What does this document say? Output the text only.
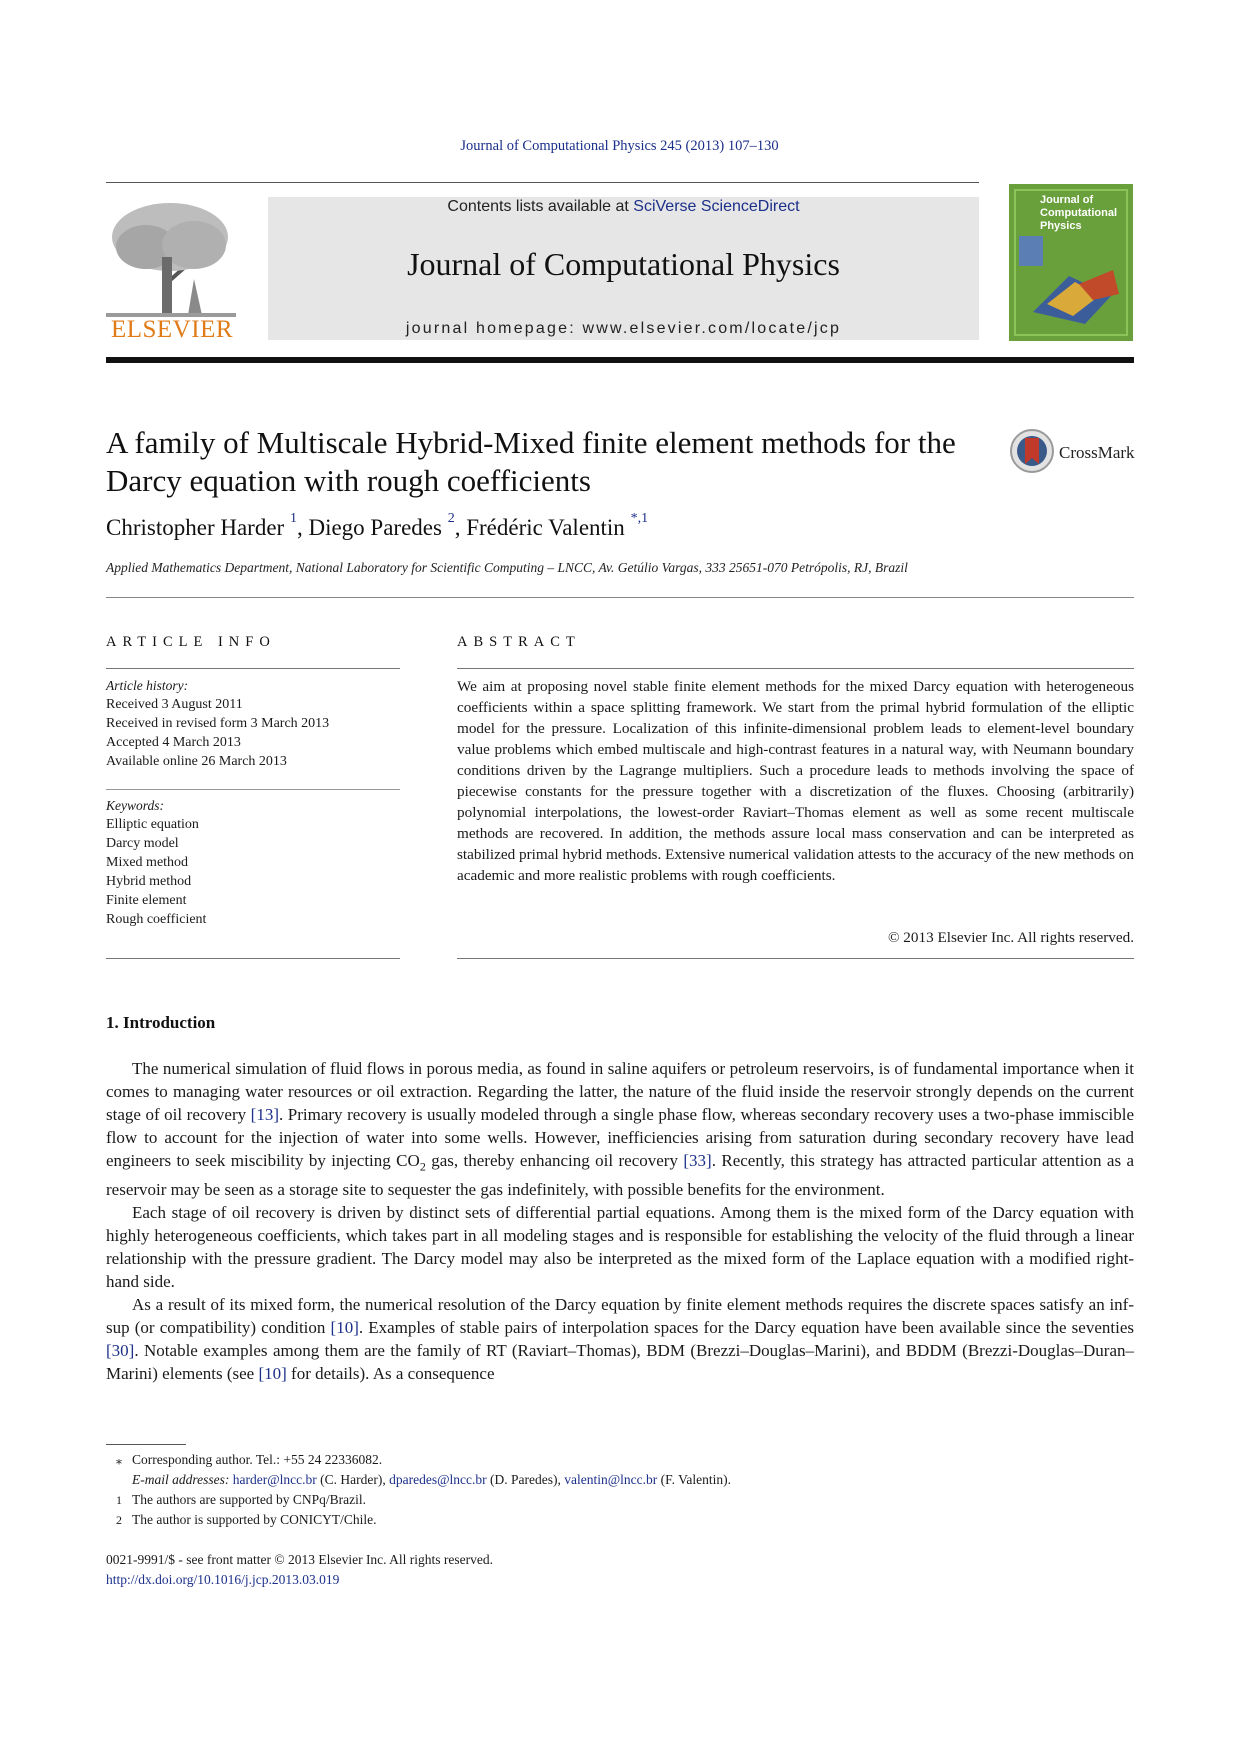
Journal of Computational Physics 245 (2013) 107–130
ELSEVIER
Contents lists available at SciVerse ScienceDirect
Journal of Computational Physics
journal homepage: www.elsevier.com/locate/jcp
Journal of Computational Physics
A family of Multiscale Hybrid-Mixed finite element methods for the Darcy equation with rough coefficients
CrossMark
Christopher Harder $^1$, Diego Paredes $^2$, Frédéric Valentin $^{*,1}$
Applied Mathematics Department, National Laboratory for Scientific Computing – LNCC, Av. Getúlio Vargas, 333 25651-070 Petrópolis, RJ, Brazil
ARTICLE INFO
Article history:
Received 3 August 2011
Received in revised form 3 March 2013
Accepted 4 March 2013
Available online 26 March 2013
Keywords:
Elliptic equation
Darcy model
Mixed method
Hybrid method
Finite element
Rough coefficient
ABSTRACT
We aim at proposing novel stable finite element methods for the mixed Darcy equation with heterogeneous coefficients within a space splitting framework. We start from the primal hybrid formulation of the elliptic model for the pressure. Localization of this infinite-dimensional problem leads to element-level boundary value problems which embed multiscale and high-contrast features in a natural way, with Neumann boundary conditions driven by the Lagrange multipliers. Such a procedure leads to methods involving the space of piecewise constants for the pressure together with a discretization of the fluxes. Choosing (arbitrarily) polynomial interpolations, the lowest-order Raviart–Thomas element as well as some recent multiscale methods are recovered. In addition, the methods assure local mass conservation and can be interpreted as stabilized primal hybrid methods. Extensive numerical validation attests to the accuracy of the new methods on academic and more realistic problems with rough coefficients.
© 2013 Elsevier Inc. All rights reserved.
1. Introduction

The numerical simulation of fluid flows in porous media, as found in saline aquifers or petroleum reservoirs, is of fundamental importance when it comes to managing water resources or oil extraction. Regarding the latter, the nature of the fluid inside the reservoir strongly depends on the current stage of oil recovery [13]. Primary recovery is usually modeled through a single phase flow, whereas secondary recovery uses a two-phase immiscible flow to account for the injection of water into some wells. However, inefficiencies arising from saturation during secondary recovery have lead engineers to seek miscibility by injecting $CO_2$ gas, thereby enhancing oil recovery [33]. Recently, this strategy has attracted particular attention as a reservoir may be seen as a storage site to sequester the gas indefinitely, with possible benefits for the environment.

Each stage of oil recovery is driven by distinct sets of differential partial equations. Among them is the mixed form of the Darcy equation with highly heterogeneous coefficients, which takes part in all modeling stages and is responsible for establishing the velocity of the fluid through a linear relationship with the pressure gradient. The Darcy model may also be interpreted as the mixed form of the Laplace equation with a modified right-hand side.

As a result of its mixed form, the numerical resolution of the Darcy equation by finite element methods requires the discrete spaces satisfy an inf-sup (or compatibility) condition [10]. Examples of stable pairs of interpolation spaces for the Darcy equation have been available since the seventies [30]. Notable examples among them are the family of RT (Raviart–Thomas), BDM (Brezzi–Douglas–Marini), and BDDM (Brezzi-Douglas–Duran–Marini) elements (see [10] for details). As a consequence

⁎ Corresponding author. Tel.: +55 24 22336082.
E-mail addresses: harder@lncc.br (C. Harder), dparedes@lncc.br (D. Paredes), valentin@lncc.br (F. Valentin).
1 The authors are supported by CNPq/Brazil.
2 The author is supported by CONICYT/Chile.
0021-9991/$ - see front matter © 2013 Elsevier Inc. All rights reserved.
http://dx.doi.org/10.1016/j.jcp.2013.03.019
